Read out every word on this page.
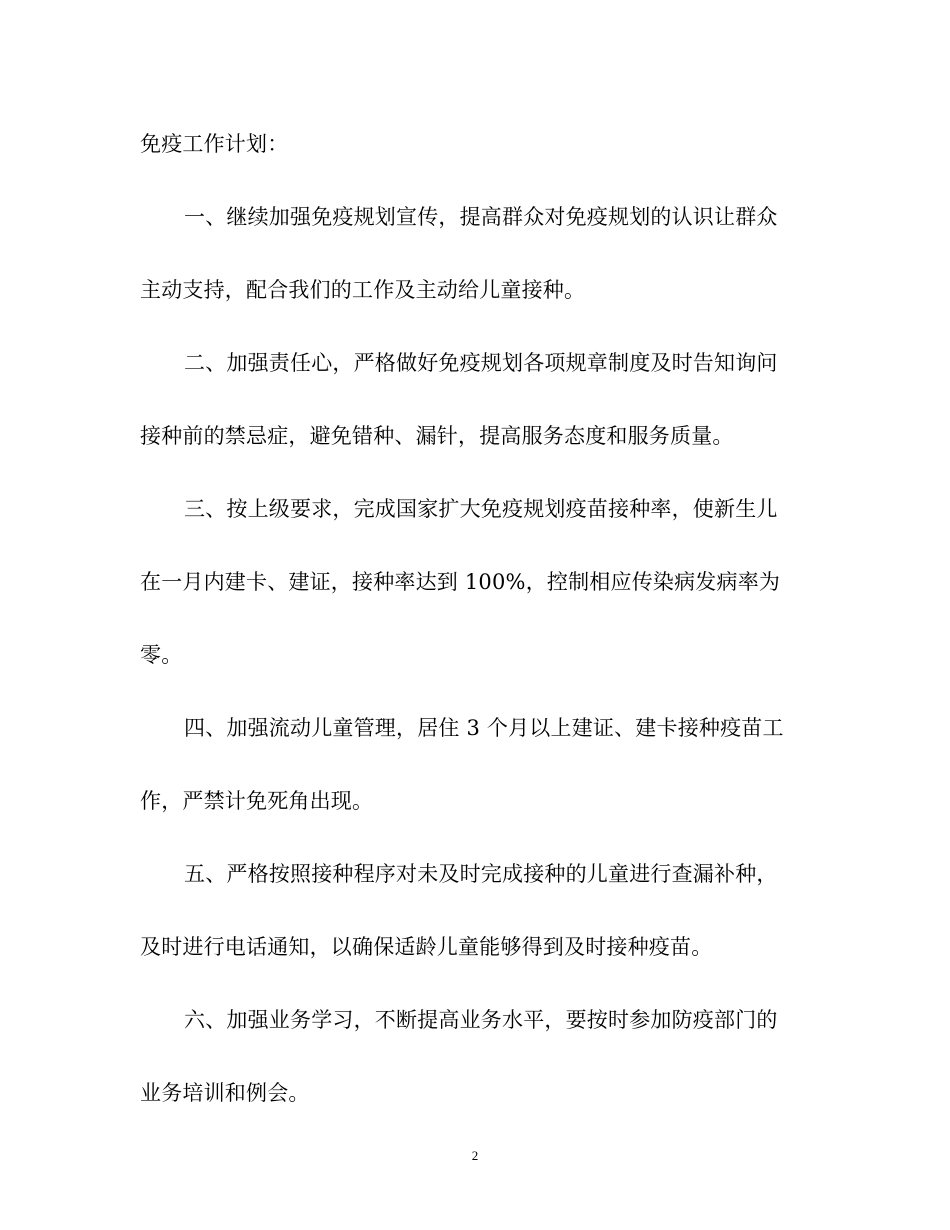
免疫工作计划：
一、继续加强免疫规划宣传，提高群众对免疫规划的认识让群众
主动支持，配合我们的工作及主动给儿童接种。
二、加强责任心，严格做好免疫规划各项规章制度及时告知询问
接种前的禁忌症，避免错种、漏针，提高服务态度和服务质量。
三、按上级要求，完成国家扩大免疫规划疫苗接种率，使新生儿
在一月内建卡、建证，接种率达到 100%，控制相应传染病发病率为
零。
四、加强流动儿童管理，居住 3 个月以上建证、建卡接种疫苗工
作，严禁计免死角出现。
五、严格按照接种程序对未及时完成接种的儿童进行查漏补种，
及时进行电话通知，以确保适龄儿童能够得到及时接种疫苗。
六、加强业务学习，不断提高业务水平，要按时参加防疫部门的
业务培训和例会。
2
